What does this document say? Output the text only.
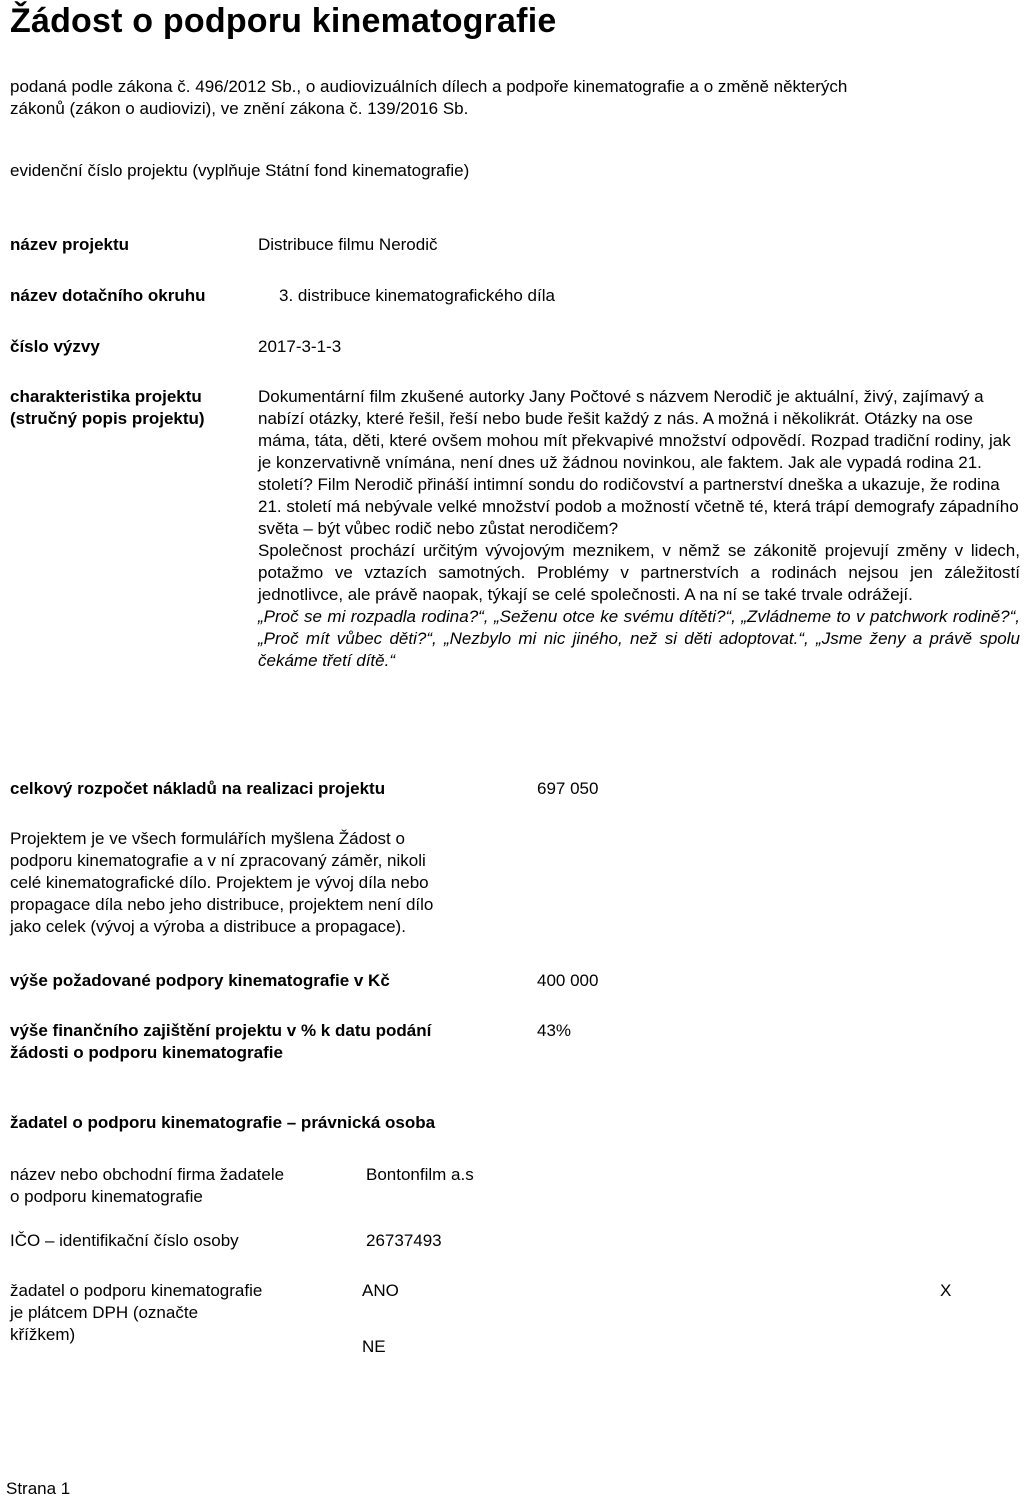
Žádost o podporu kinematografie
podaná podle zákona č. 496/2012 Sb., o audiovizuálních dílech a podpoře kinematografie a o změně některých
zákonů (zákon o audiovizi), ve znění zákona č. 139/2016 Sb.
evidenční číslo projektu (vyplňuje Státní fond kinematografie)
název projektu	Distribuce filmu Nerodič
název dotačního okruhu	3. distribuce kinematografického díla
číslo výzvy	2017-3-1-3
charakteristika projektu
(stručný popis projektu)

Dokumentární film zkušené autorky Jany Počtové s názvem Nerodič je aktuální, živý, zajímavý a nabízí otázky, které řešil, řeší nebo bude řešit každý z nás. A možná i několikrát. Otázky na ose máma, táta, děti, které ovšem mohou mít překvapivé množství odpovědí. Rozpad tradiční rodiny, jak je konzervativně vnímána, není dnes už žádnou novinkou, ale faktem. Jak ale vypadá rodina 21. století? Film Nerodič přináší intimní sondu do rodičovství a partnerství dneška a ukazuje, že rodina 21. století má nebývale velké množství podob a možností včetně té, která trápí demografy západního světa – být vůbec rodič nebo zůstat nerodičem?

Společnost prochází určitým vývojovým meznikem, v němž se zákonitě projevují změny v lidech, potažmo ve vztazích samotných. Problémy v partnerstvích a rodinách nejsou jen záležitostí jednotlivce, ale právě naopak, týkají se celé společnosti. A na ní se také trvale odrážejí.

„Proč se mi rozpadla rodina?“, „Seženu otce ke svému dítěti?“, „Zvládneme to v patchwork rodině?“, „Proč mít vůbec děti?“, „Nezbylo mi nic jiného, než si děti adoptovat.“, „Jsme ženy a právě spolu čekáme třetí dítě.“

celkový rozpočet nákladů na realizaci projektu	697 050
Projektem je ve všech formulářích myšlena Žádost o
podporu kinematografie a v ní zpracovaný záměr, nikoli
celé kinematografické dílo. Projektem je vývoj díla nebo
propagace díla nebo jeho distribuce, projektem není dílo
jako celek (vývoj a výroba a distribuce a propagace).
výše požadované podpory kinematografie v Kč	400 000
výše finančního zajištění projektu v % k datu podání
žádosti o podporu kinematografie
43%
žadatel o podporu kinematografie – právnická osoba
název nebo obchodní firma žadatele
o podporu kinematografie
Bontonfilm a.s
IČO – identifikační číslo osoby	26737493
žadatel o podporu kinematografie
je plátcem DPH (označte
křížkem)
ANO	X
NE
Strana 1
